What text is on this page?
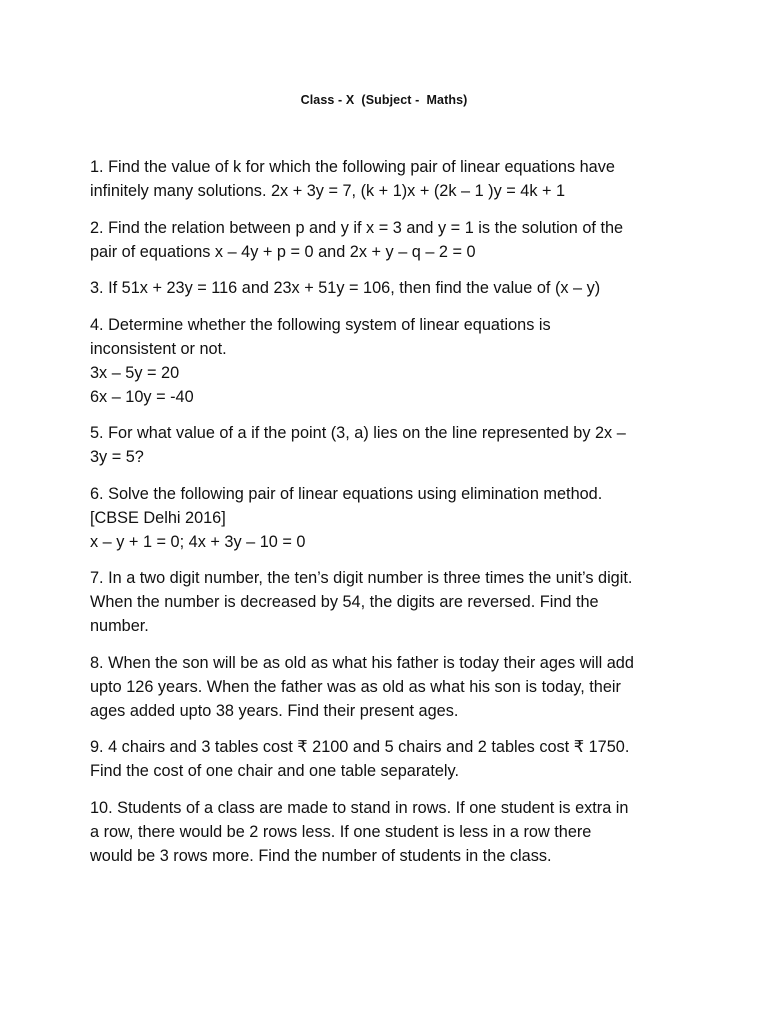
Class - X  (Subject -  Maths)
1. Find the value of k for which the following pair of linear equations have
infinitely many solutions. 2x + 3y = 7, (k + 1)x + (2k – 1 )y = 4k + 1
2. Find the relation between p and y if x = 3 and y = 1 is the solution of the
pair of equations x – 4y + p = 0 and 2x + y – q – 2 = 0
3. If 51x + 23y = 116 and 23x + 51y = 106, then find the value of (x – y)
4. Determine whether the following system of linear equations is
inconsistent or not.
3x – 5y = 20
6x – 10y = -40
5. For what value of a if the point (3, a) lies on the line represented by 2x –
3y = 5?
6. Solve the following pair of linear equations using elimination method.
[CBSE Delhi 2016]
x – y + 1 = 0; 4x + 3y – 10 = 0
7. In a two digit number, the ten’s digit number is three times the unit’s digit.
When the number is decreased by 54, the digits are reversed. Find the
number.
8. When the son will be as old as what his father is today their ages will add
upto 126 years. When the father was as old as what his son is today, their
ages added upto 38 years. Find their present ages.
9. 4 chairs and 3 tables cost ₹ 2100 and 5 chairs and 2 tables cost ₹ 1750.
Find the cost of one chair and one table separately.
10. Students of a class are made to stand in rows. If one student is extra in
a row, there would be 2 rows less. If one student is less in a row there
would be 3 rows more. Find the number of students in the class.
